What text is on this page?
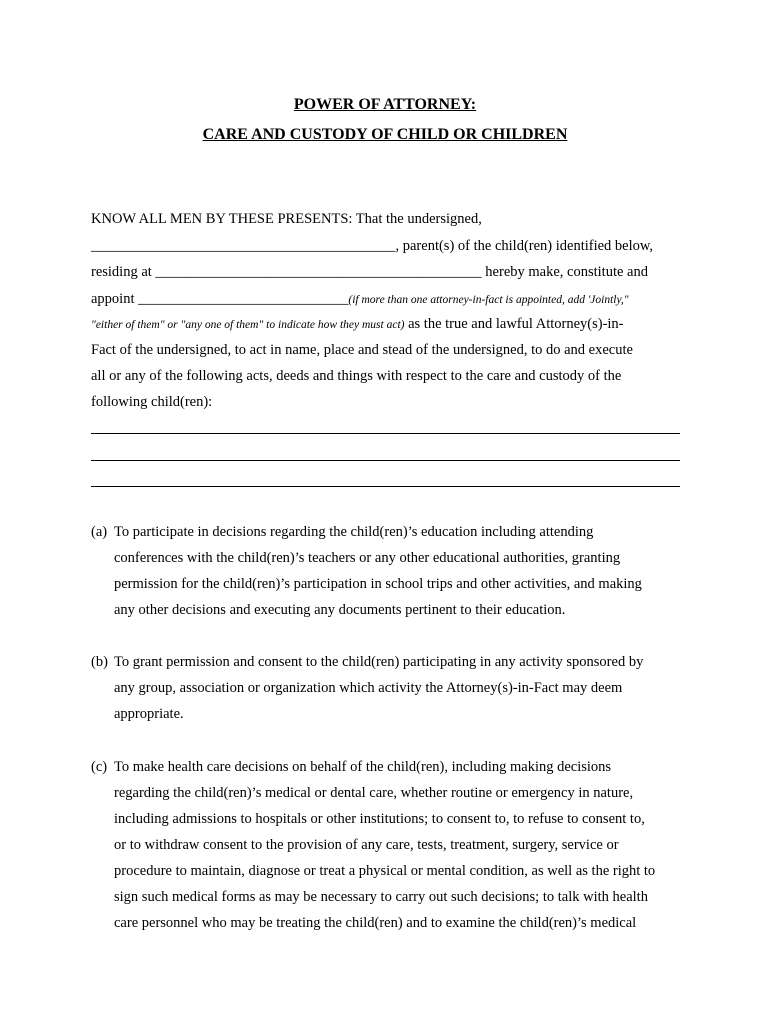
POWER OF ATTORNEY:
CARE AND CUSTODY OF CHILD OR CHILDREN
KNOW ALL MEN BY THESE PRESENTS: That the undersigned,
__________________________________________, parent(s) of the child(ren) identified below,
residing at _____________________________________________ hereby make, constitute and
appoint _____________________________(if more than one attorney-in-fact is appointed, add 'Jointly,"
"either of them" or "any one of them" to indicate how they must act) as the true and lawful Attorney(s)-in-
Fact of the undersigned, to act in name, place and stead of the undersigned, to do and execute
all or any of the following acts, deeds and things with respect to the care and custody of the
following child(ren):
(a) To participate in decisions regarding the child(ren)’s education including attending
conferences with the child(ren)’s teachers or any other educational authorities, granting
permission for the child(ren)’s participation in school trips and other activities, and making
any other decisions and executing any documents pertinent to their education.
(b) To grant permission and consent to the child(ren) participating in any activity sponsored by
any group, association or organization which activity the Attorney(s)-in-Fact may deem
appropriate.
(c) To make health care decisions on behalf of the child(ren), including making decisions
regarding the child(ren)’s medical or dental care, whether routine or emergency in nature,
including admissions to hospitals or other institutions; to consent to, to refuse to consent to,
or to withdraw consent to the provision of any care, tests, treatment, surgery, service or
procedure to maintain, diagnose or treat a physical or mental condition, as well as the right to
sign such medical forms as may be necessary to carry out such decisions; to talk with health
care personnel who may be treating the child(ren) and to examine the child(ren)’s medical
